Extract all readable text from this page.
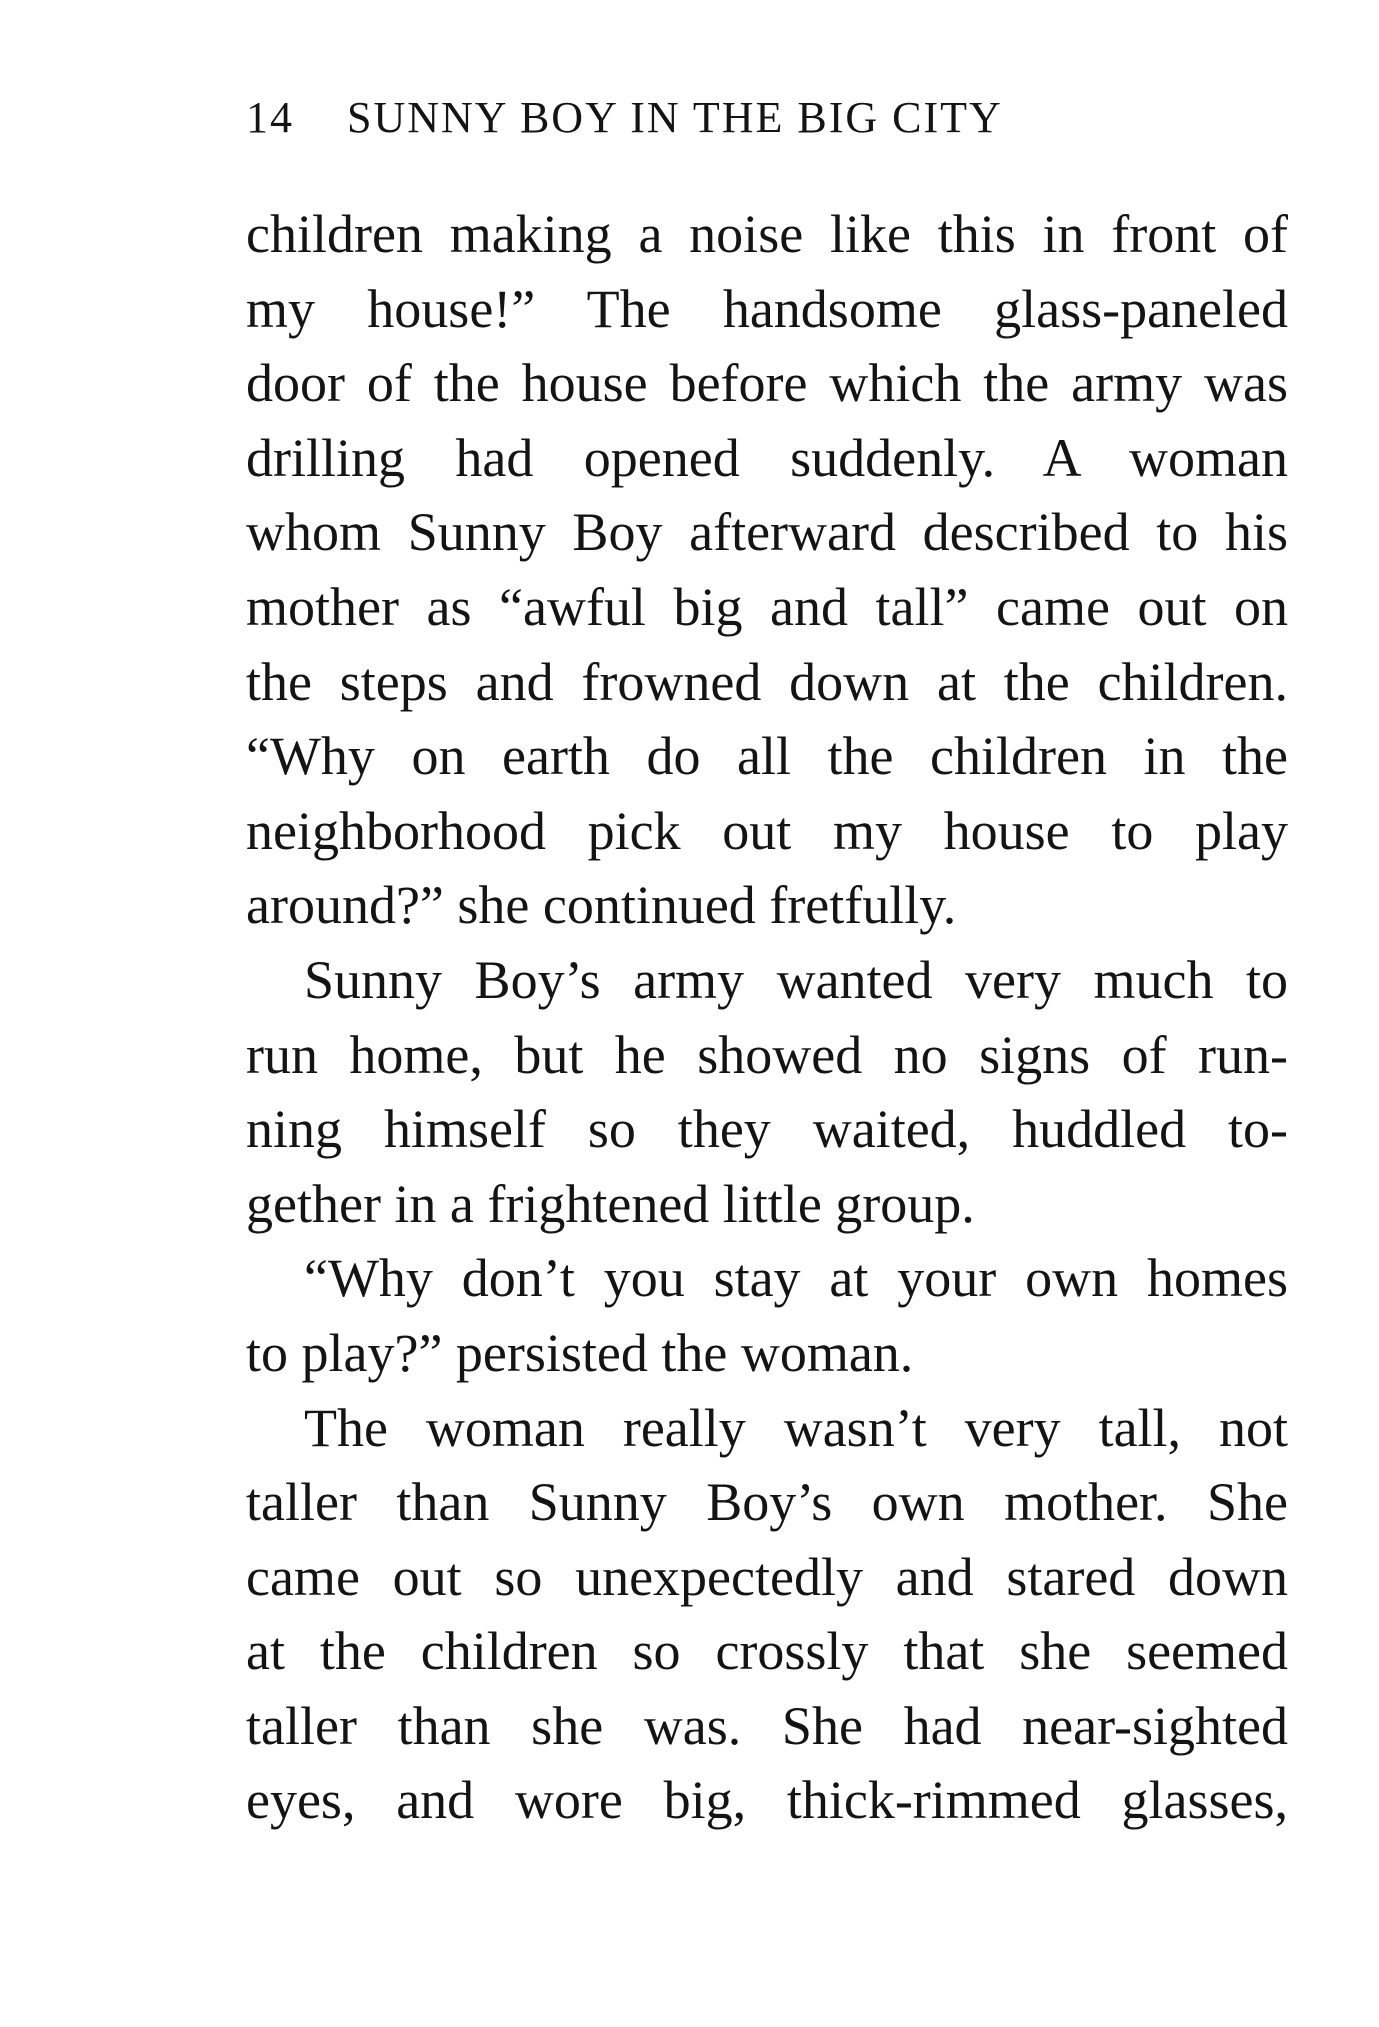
14 SUNNY BOY IN THE BIG CITY
children making a noise like this in front of
my house!” The handsome glass-paneled
door of the house before which the army was
drilling had opened suddenly. A woman
whom Sunny Boy afterward described to his
mother as “awful big and tall” came out on
the steps and frowned down at the children.
“Why on earth do all the children in the
neighborhood pick out my house to play
around?” she continued fretfully.
Sunny Boy’s army wanted very much to
run home, but he showed no signs of run-
ning himself so they waited, huddled to-
gether in a frightened little group.
“Why don’t you stay at your own homes
to play?” persisted the woman.
The woman really wasn’t very tall, not
taller than Sunny Boy’s own mother. She
came out so unexpectedly and stared down
at the children so crossly that she seemed
taller than she was. She had near-sighted
eyes, and wore big, thick-rimmed glasses,
